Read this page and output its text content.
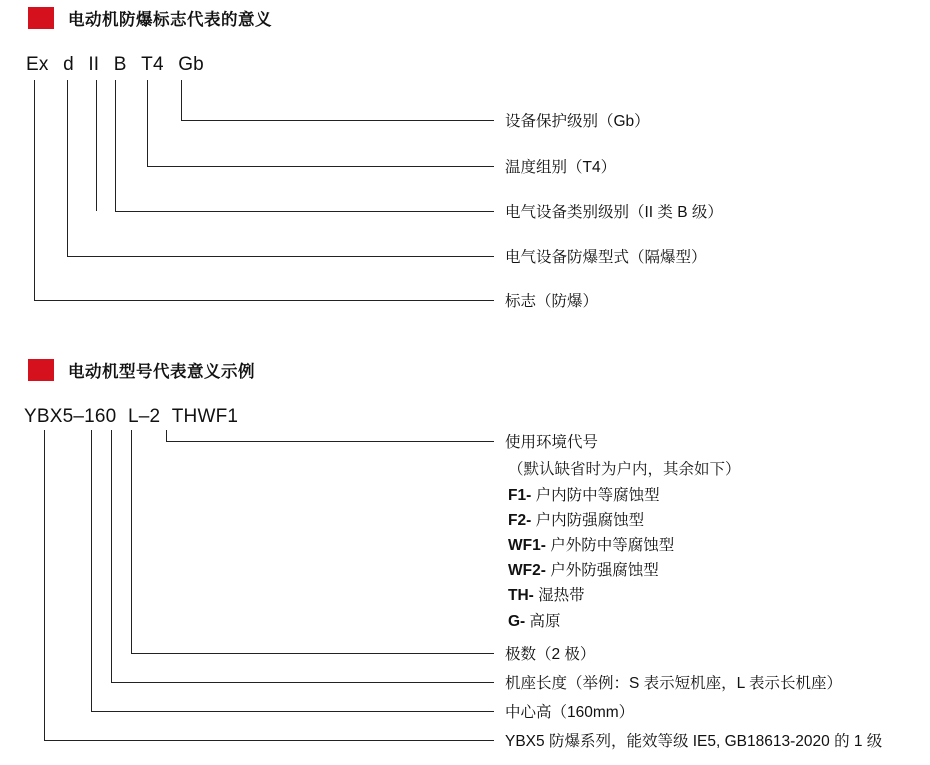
电动机防爆标志代表的意义
Ex d II B T4 Gb
设备保护级别（Gb）
温度组别（T4）
电气设备类别级别（II 类 B 级）
电气设备防爆型式（隔爆型）
标志（防爆）
电动机型号代表意义示例
YBX5–160 L–2 THWF1
使用环境代号
（默认缺省时为户内，其余如下）
F1- 户内防中等腐蚀型
F2- 户内防强腐蚀型
WF1- 户外防中等腐蚀型
WF2- 户外防强腐蚀型
TH- 湿热带
G- 高原
极数（2 极）
机座长度（举例：S 表示短机座，L 表示长机座）
中心高（160mm）
YBX5 防爆系列，能效等级 IE5, GB18613-2020 的 1 级
